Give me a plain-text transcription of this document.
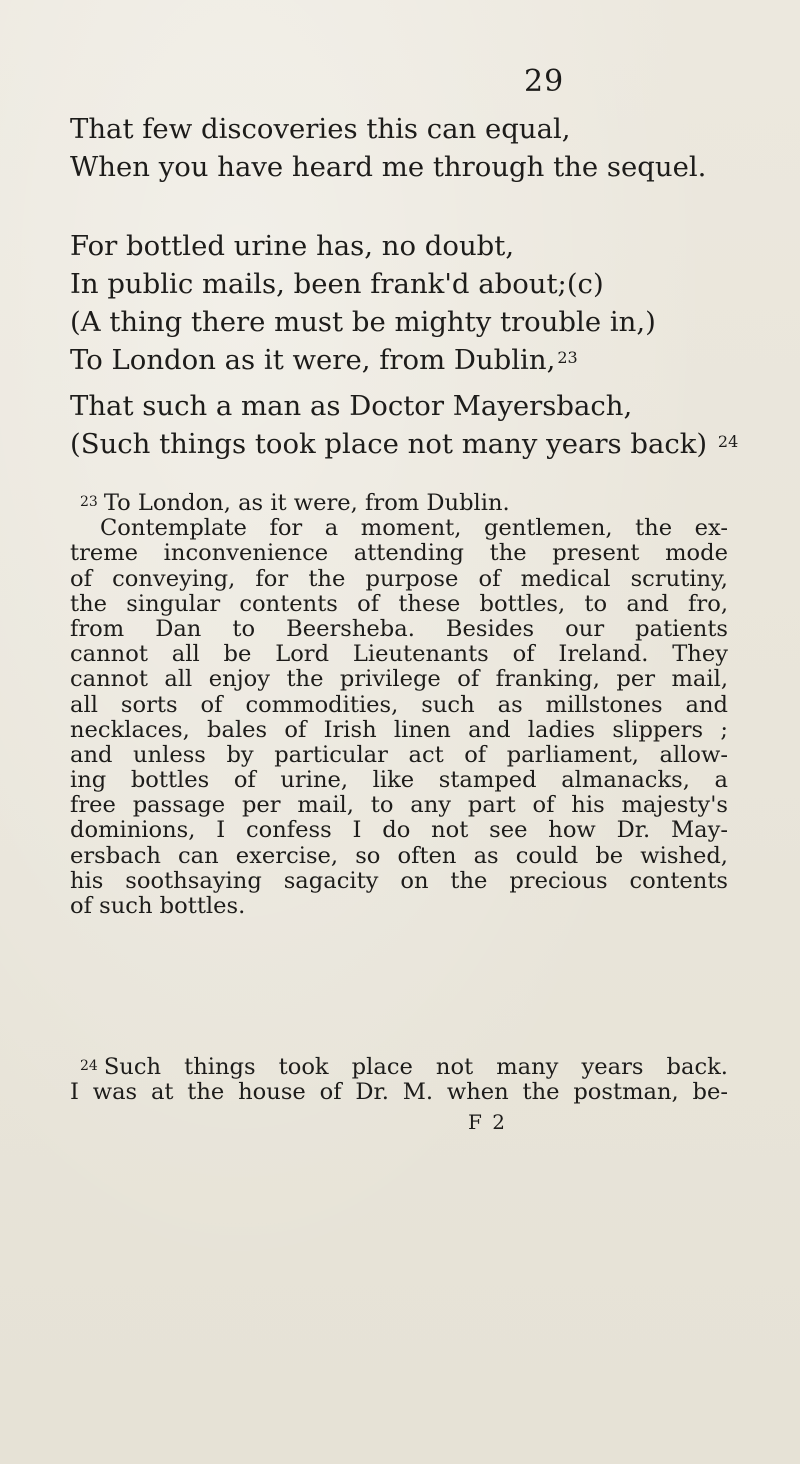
29
That few discoveries this can equal,
When you have heard me through the sequel.
For bottled urine has, no doubt,
In public mails, been frank'd about;(c)
(A thing there must be mighty trouble in,)
To London as it were, from Dublin, $^{23}$
That such a man as Doctor Mayersbach,
(Such things took place not many years back) $^{24}$
$^{23}$ To London, as it were, from Dublin.
Contemplate for a moment, gentlemen, the ex-
treme inconvenience attending the present mode
of conveying, for the purpose of medical scrutiny,
the singular contents of these bottles, to and fro,
from Dan to Beersheba. Besides our patients
cannot all be Lord Lieutenants of Ireland. They
cannot all enjoy the privilege of franking, per mail,
all sorts of commodities, such as millstones and
necklaces, bales of Irish linen and ladies slippers ;
and unless by particular act of parliament, allow-
ing bottles of urine, like stamped almanacks, a
free passage per mail, to any part of his majesty's
dominions, I confess I do not see how Dr. May-
ersbach can exercise, so often as could be wished,
his soothsaying sagacity on the precious contents
of such bottles.
$^{24}$ Such things took place not many years back.
I was at the house of Dr. M. when the postman, be-
F 2
